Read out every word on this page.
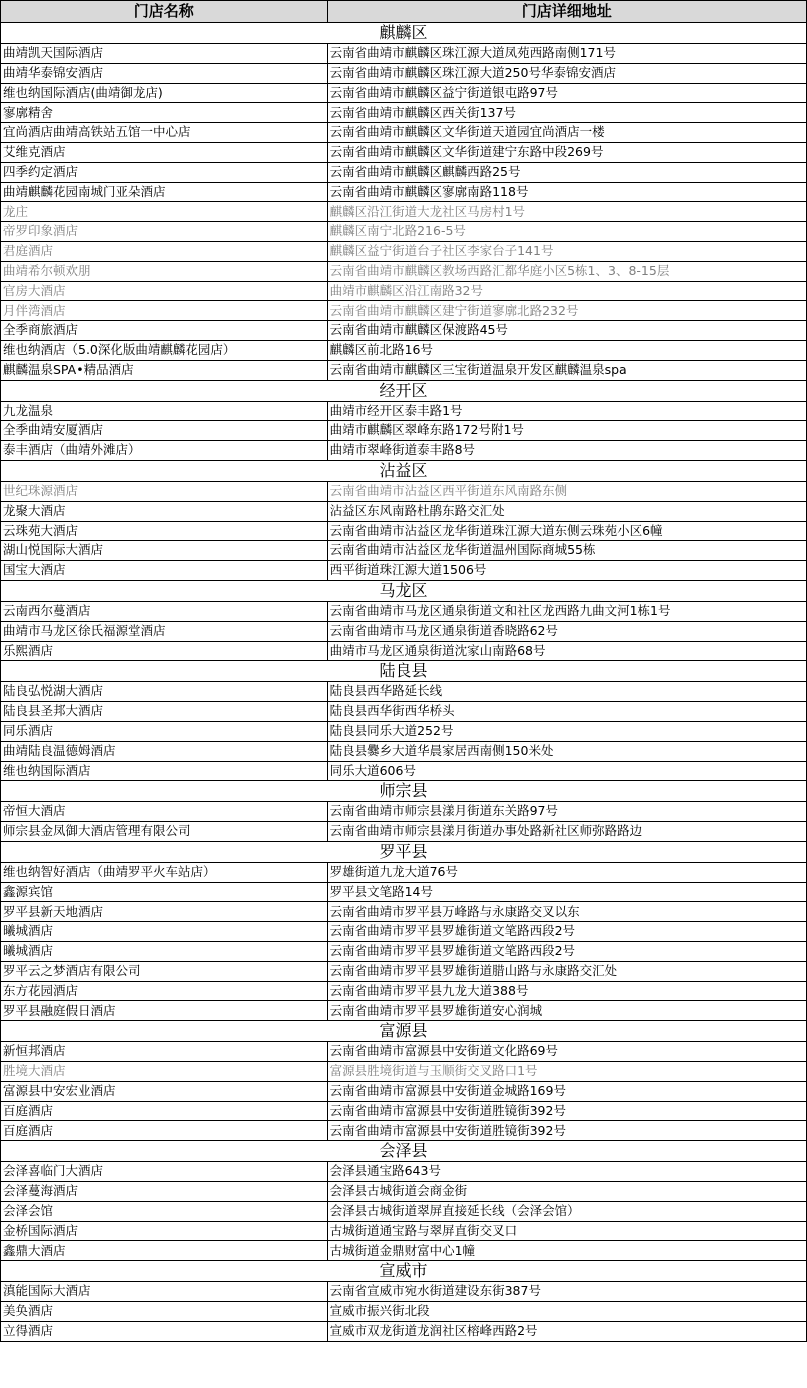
门店名称	门店详细地址
麒麟区
曲靖凯天国际酒店	云南省曲靖市麒麟区珠江源大道凤苑西路南侧171号
曲靖华泰锦安酒店	云南省曲靖市麒麟区珠江源大道250号华泰锦安酒店
维也纳国际酒店(曲靖御龙店)	云南省曲靖市麒麟区益宁街道银屯路97号
寥廓精舍	云南省曲靖市麒麟区西关街137号
宜尚酒店曲靖高铁站五馆一中心店	云南省曲靖市麒麟区文华街道天道园宜尚酒店一楼
艾维克酒店	云南省曲靖市麒麟区文华街道建宁东路中段269号
四季约定酒店	云南省曲靖市麒麟区麒麟西路25号
曲靖麒麟花园南城门亚朵酒店	云南省曲靖市麒麟区寥廓南路118号
龙庄	麒麟区沿江街道大龙社区马房村1号
帝罗印象酒店	麒麟区南宁北路216-5号
君庭酒店	麒麟区益宁街道台子社区李家台子141号
曲靖希尔顿欢朋	云南省曲靖市麒麟区教场西路汇都华庭小区5栋1、3、8-15层
官房大酒店	曲靖市麒麟区沿江南路32号
月伴湾酒店	云南省曲靖市麒麟区建宁街道寥廓北路232号
全季商旅酒店	云南省曲靖市麒麟区保渡路45号
维也纳酒店（5.0深化版曲靖麒麟花园店）	麒麟区前北路16号
麒麟温泉SPA•精品酒店	云南省曲靖市麒麟区三宝街道温泉开发区麒麟温泉spa
经开区
九龙温泉	曲靖市经开区泰丰路1号
全季曲靖安厦酒店	曲靖市麒麟区翠峰东路172号附1号
泰丰酒店（曲靖外滩店）	曲靖市翠峰街道泰丰路8号
沾益区
世纪珠源酒店	云南省曲靖市沾益区西平街道东风南路东侧
龙聚大酒店	沾益区东风南路杜鹃东路交汇处
云珠苑大酒店	云南省曲靖市沾益区龙华街道珠江源大道东侧云珠苑小区6幢
湖山悦国际大酒店	云南省曲靖市沾益区龙华街道温州国际商城55栋
国宝大酒店	西平街道珠江源大道1506号
马龙区
云南西尔蔓酒店	云南省曲靖市马龙区通泉街道文和社区龙西路九曲文河1栋1号
曲靖市马龙区徐氏福源堂酒店	云南省曲靖市马龙区通泉街道香晓路62号
乐熙酒店	曲靖市马龙区通泉街道沈家山南路68号
陆良县
陆良弘悦湖大酒店	陆良县西华路延长线
陆良县圣邦大酒店	陆良县西华街西华桥头
同乐酒店	陆良县同乐大道252号
曲靖陆良温德姆酒店	陆良县爨乡大道华晨家居西南侧150米处
维也纳国际酒店	同乐大道606号
师宗县
帝恒大酒店	云南省曲靖市师宗县漾月街道东关路97号
师宗县金凤御大酒店管理有限公司	云南省曲靖市师宗县漾月街道办事处路新社区师弥路路边
罗平县
维也纳智好酒店（曲靖罗平火车站店）	罗雄街道九龙大道76号
鑫源宾馆	罗平县文笔路14号
罗平县新天地酒店	云南省曲靖市罗平县万峰路与永康路交叉以东
曦城酒店	云南省曲靖市罗平县罗雄街道文笔路西段2号
曦城酒店	云南省曲靖市罗平县罗雄街道文笔路西段2号
罗平云之梦酒店有限公司	云南省曲靖市罗平县罗雄街道腊山路与永康路交汇处
东方花园酒店	云南省曲靖市罗平县九龙大道388号
罗平县融庭假日酒店	云南省曲靖市罗平县罗雄街道安心润城
富源县
新恒邦酒店	云南省曲靖市富源县中安街道文化路69号
胜境大酒店	富源县胜境街道与玉顺街交叉路口1号
富源县中安宏业酒店	云南省曲靖市富源县中安街道金城路169号
百庭酒店	云南省曲靖市富源县中安街道胜镜街392号
百庭酒店	云南省曲靖市富源县中安街道胜镜街392号
会泽县
会泽喜临门大酒店	会泽县通宝路643号
会泽蔓海酒店	会泽县古城街道会商金街
会泽会馆	会泽县古城街道翠屏直接延长线（会泽会馆）
金桥国际酒店	古城街道通宝路与翠屏直街交叉口
鑫鼎大酒店	古城街道金鼎财富中心1幢
宣威市
滇能国际大酒店	云南省宣威市宛水街道建设东街387号
美奂酒店	宣威市振兴街北段
立得酒店	宣威市双龙街道龙润社区榕峰西路2号
